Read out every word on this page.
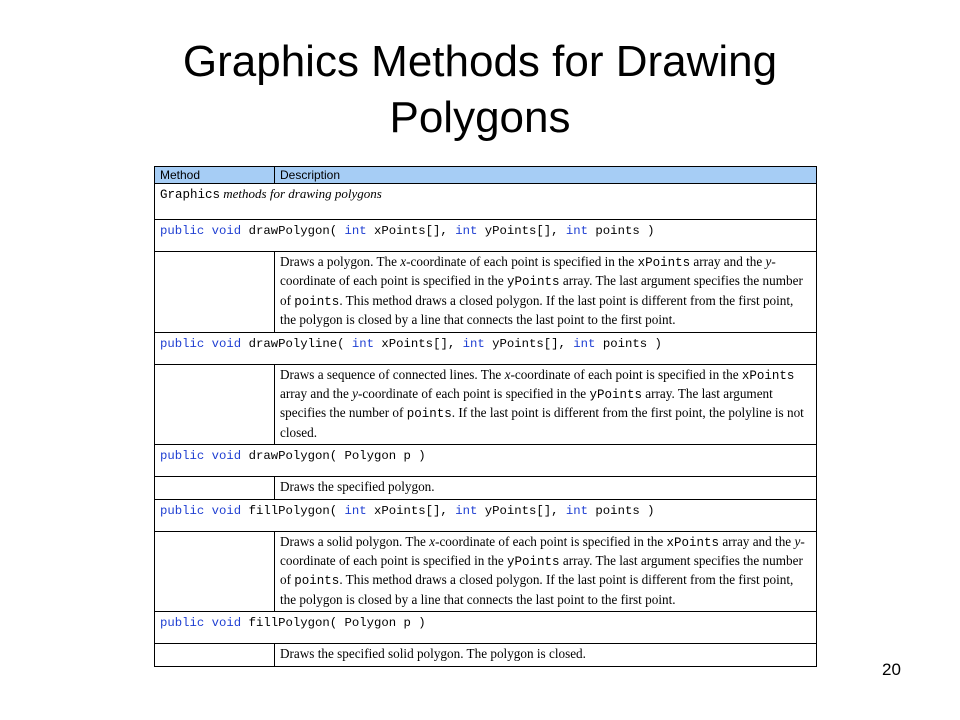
Graphics Methods for Drawing
Polygons
Method	Description
Graphics methods for drawing polygons	
public void drawPolygon( int xPoints[], int yPoints[], int points )	
	Draws a polygon. The x-coordinate of each point is specified in the xPoints array and the y-coordinate of each point is specified in the yPoints array. The last argument specifies the number of points. This method draws a closed polygon. If the last point is different from the first point, the polygon is closed by a line that connects the last point to the first point.
public void drawPolyline( int xPoints[], int yPoints[], int points )	
	Draws a sequence of connected lines. The x-coordinate of each point is specified in the xPoints array and the y-coordinate of each point is specified in the yPoints array. The last argument specifies the number of points. If the last point is different from the first point, the polyline is not closed.
public void drawPolygon( Polygon p )	
	Draws the specified polygon.
public void fillPolygon( int xPoints[], int yPoints[], int points )	
	Draws a solid polygon. The x-coordinate of each point is specified in the xPoints array and the y-coordinate of each point is specified in the yPoints array. The last argument specifies the number of points. This method draws a closed polygon. If the last point is different from the first point, the polygon is closed by a line that connects the last point to the first point.
public void fillPolygon( Polygon p )	
	Draws the specified solid polygon. The polygon is closed.
20
